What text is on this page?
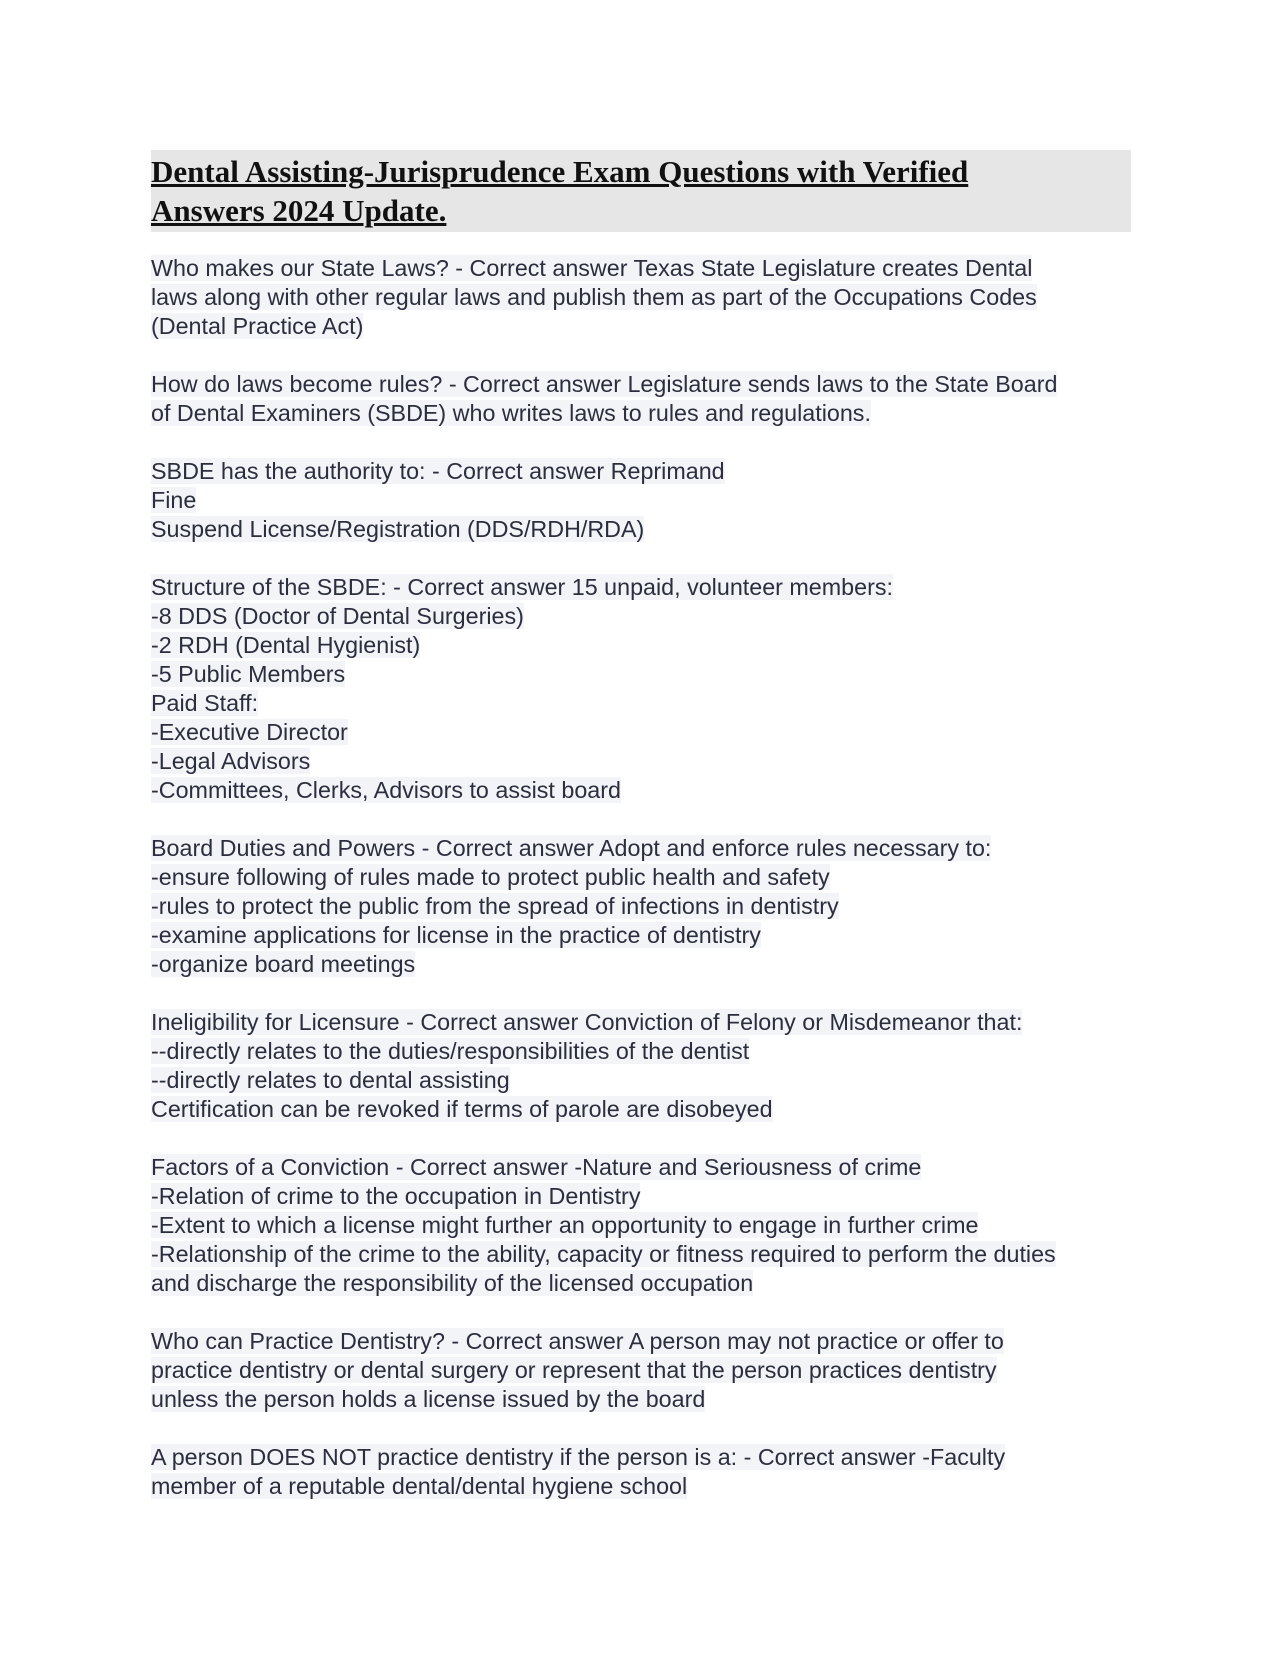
Dental Assisting-Jurisprudence Exam Questions with Verified
Answers 2024 Update.

Who makes our State Laws? - Correct answer Texas State Legislature creates Dental
laws along with other regular laws and publish them as part of the Occupations Codes
(Dental Practice Act)
How do laws become rules? - Correct answer Legislature sends laws to the State Board
of Dental Examiners (SBDE) who writes laws to rules and regulations.
SBDE has the authority to: - Correct answer Reprimand
Fine
Suspend License/Registration (DDS/RDH/RDA)
Structure of the SBDE: - Correct answer 15 unpaid, volunteer members:
-8 DDS (Doctor of Dental Surgeries)
-2 RDH (Dental Hygienist)
-5 Public Members
Paid Staff:
-Executive Director
-Legal Advisors
-Committees, Clerks, Advisors to assist board
Board Duties and Powers - Correct answer Adopt and enforce rules necessary to:
-ensure following of rules made to protect public health and safety
-rules to protect the public from the spread of infections in dentistry
-examine applications for license in the practice of dentistry
-organize board meetings
Ineligibility for Licensure - Correct answer Conviction of Felony or Misdemeanor that:
--directly relates to the duties/responsibilities of the dentist
--directly relates to dental assisting
Certification can be revoked if terms of parole are disobeyed
Factors of a Conviction - Correct answer -Nature and Seriousness of crime
-Relation of crime to the occupation in Dentistry
-Extent to which a license might further an opportunity to engage in further crime
-Relationship of the crime to the ability, capacity or fitness required to perform the duties
and discharge the responsibility of the licensed occupation
Who can Practice Dentistry? - Correct answer A person may not practice or offer to
practice dentistry or dental surgery or represent that the person practices dentistry
unless the person holds a license issued by the board
A person DOES NOT practice dentistry if the person is a: - Correct answer -Faculty
member of a reputable dental/dental hygiene school
